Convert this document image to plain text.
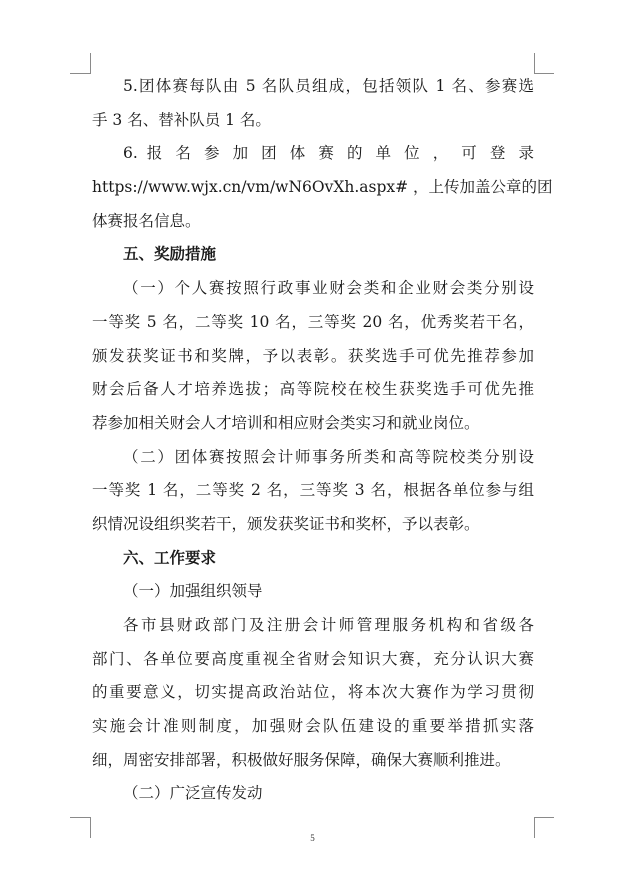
5.团体赛每队由 5 名队员组成，包括领队 1 名、参赛选
手 3 名、替补队员 1 名。
6. 报 名 参 加 团 体 赛 的 单 位 ， 可 登 录
https://www.wjx.cn/vm/wN6OvXh.aspx# ，上传加盖公章的团
体赛报名信息。
五、奖励措施
（一）个人赛按照行政事业财会类和企业财会类分别设
一等奖 5 名，二等奖 10 名，三等奖 20 名，优秀奖若干名，
颁发获奖证书和奖牌，予以表彰。获奖选手可优先推荐参加
财会后备人才培养选拔；高等院校在校生获奖选手可优先推
荐参加相关财会人才培训和相应财会类实习和就业岗位。
（二）团体赛按照会计师事务所类和高等院校类分别设
一等奖 1 名，二等奖 2 名，三等奖 3 名，根据各单位参与组
织情况设组织奖若干，颁发获奖证书和奖杯，予以表彰。
六、工作要求
（一）加强组织领导
各市县财政部门及注册会计师管理服务机构和省级各
部门、各单位要高度重视全省财会知识大赛，充分认识大赛
的重要意义，切实提高政治站位，将本次大赛作为学习贯彻
实施会计准则制度，加强财会队伍建设的重要举措抓实落
细，周密安排部署，积极做好服务保障，确保大赛顺利推进。
（二）广泛宣传发动
5
